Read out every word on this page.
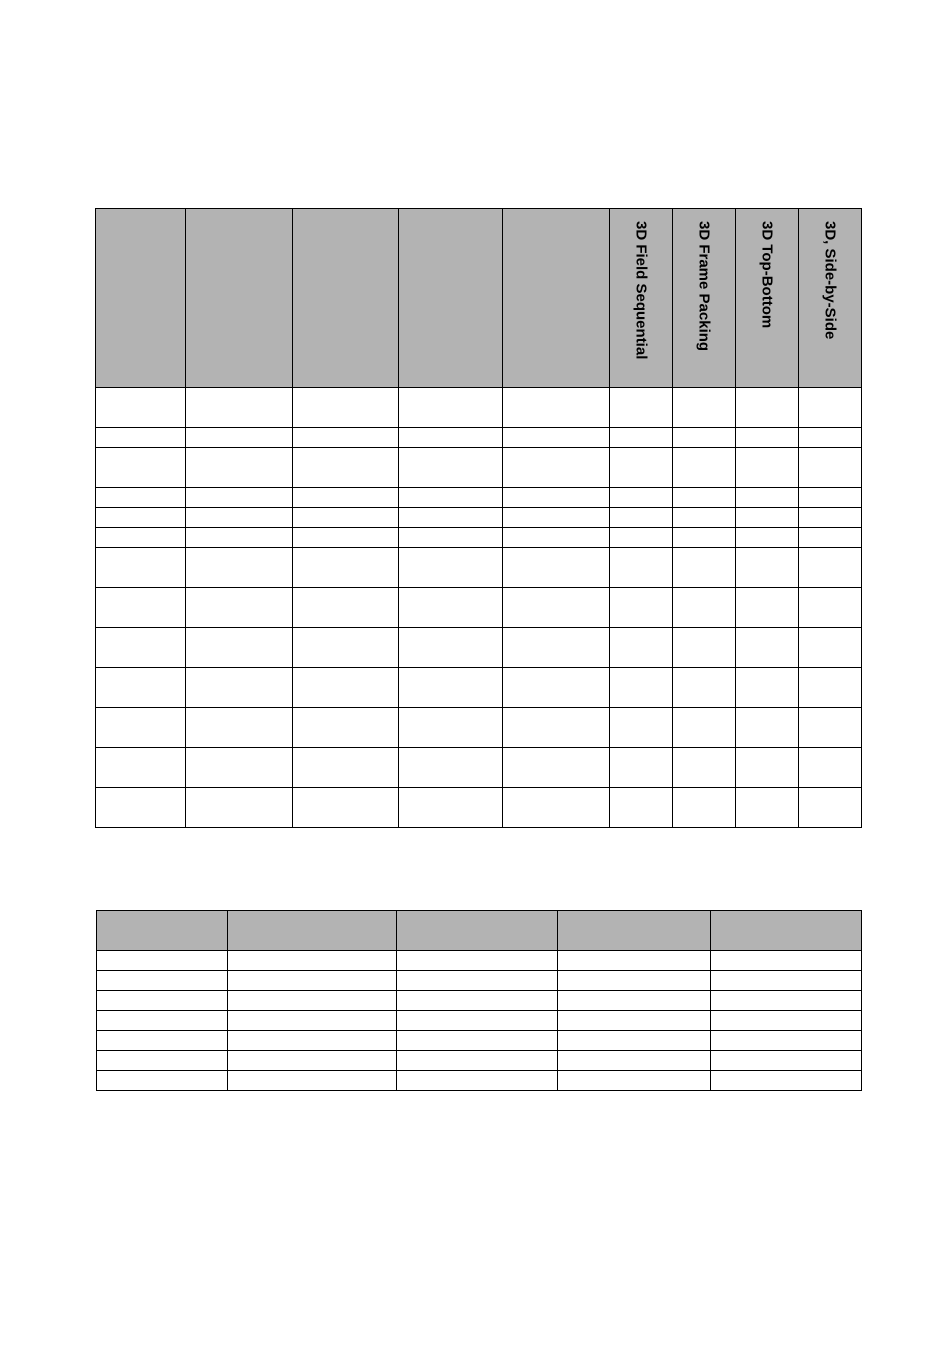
					3D Field Sequential	3D Frame Packing	3D Top-Bottom	3D, Side-by-Side
